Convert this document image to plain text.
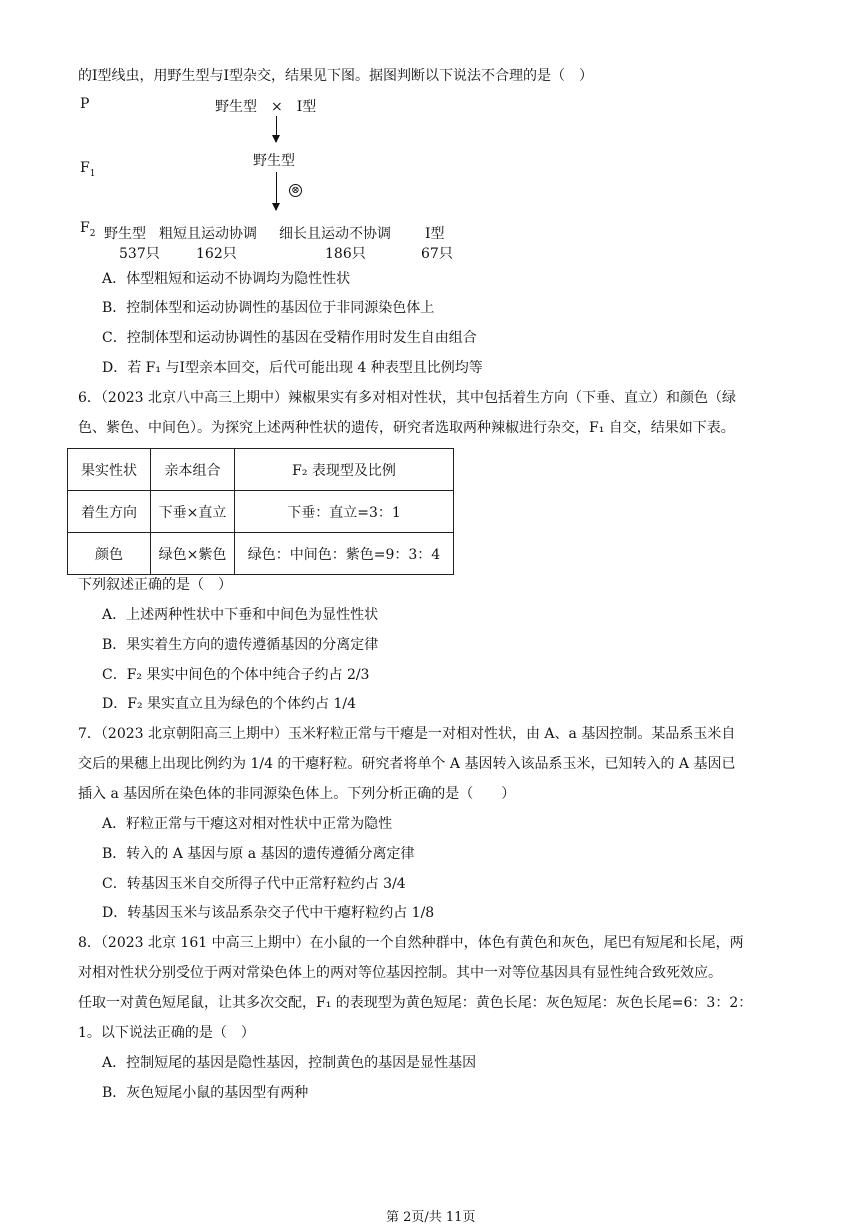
的Ⅰ型线虫，用野生型与Ⅰ型杂交，结果见下图。据图判断以下说法不合理的是（　）
P	野生型　×　Ⅰ型
$F_1$
野生型
⊗
$F_2$ 野生型 粗短且运动协调 细长且运动不协调 Ⅰ型
537只	162只	186只	67只
A．体型粗短和运动不协调均为隐性性状
B．控制体型和运动协调性的基因位于非同源染色体上
C．控制体型和运动协调性的基因在受精作用时发生自由组合
D．若 F₁ 与Ⅰ型亲本回交，后代可能出现 4 种表型且比例均等
6．（2023 北京八中高三上期中）辣椒果实有多对相对性状，其中包括着生方向（下垂、直立）和颜色（绿
色、紫色、中间色）。为探究上述两种性状的遗传，研究者选取两种辣椒进行杂交，F₁ 自交，结果如下表。
果实性状	亲本组合	F₂ 表现型及比例
着生方向	下垂×直立	下垂：直立=3：1
颜色	绿色×紫色	绿色：中间色：紫色=9：3：4
下列叙述正确的是（　）
A．上述两种性状中下垂和中间色为显性性状
B．果实着生方向的遗传遵循基因的分离定律
C．F₂ 果实中间色的个体中纯合子约占 2/3
D．F₂ 果实直立且为绿色的个体约占 1/4
7．（2023 北京朝阳高三上期中）玉米籽粒正常与干瘪是一对相对性状，由 A、a 基因控制。某品系玉米自
交后的果穗上出现比例约为 1/4 的干瘪籽粒。研究者将单个 A 基因转入该品系玉米，已知转入的 A 基因已
插入 a 基因所在染色体的非同源染色体上。下列分析正确的是（　　）
A．籽粒正常与干瘪这对相对性状中正常为隐性
B．转入的 A 基因与原 a 基因的遗传遵循分离定律
C．转基因玉米自交所得子代中正常籽粒约占 3/4
D．转基因玉米与该品系杂交子代中干瘪籽粒约占 1/8
8．（2023 北京 161 中高三上期中）在小鼠的一个自然种群中，体色有黄色和灰色，尾巴有短尾和长尾，两
对相对性状分别受位于两对常染色体上的两对等位基因控制。其中一对等位基因具有显性纯合致死效应。
任取一对黄色短尾鼠，让其多次交配，F₁ 的表现型为黄色短尾：黄色长尾：灰色短尾：灰色长尾=6：3：2：
1。以下说法正确的是（　）
A．控制短尾的基因是隐性基因，控制黄色的基因是显性基因
B．灰色短尾小鼠的基因型有两种
第 2页/共 11页
